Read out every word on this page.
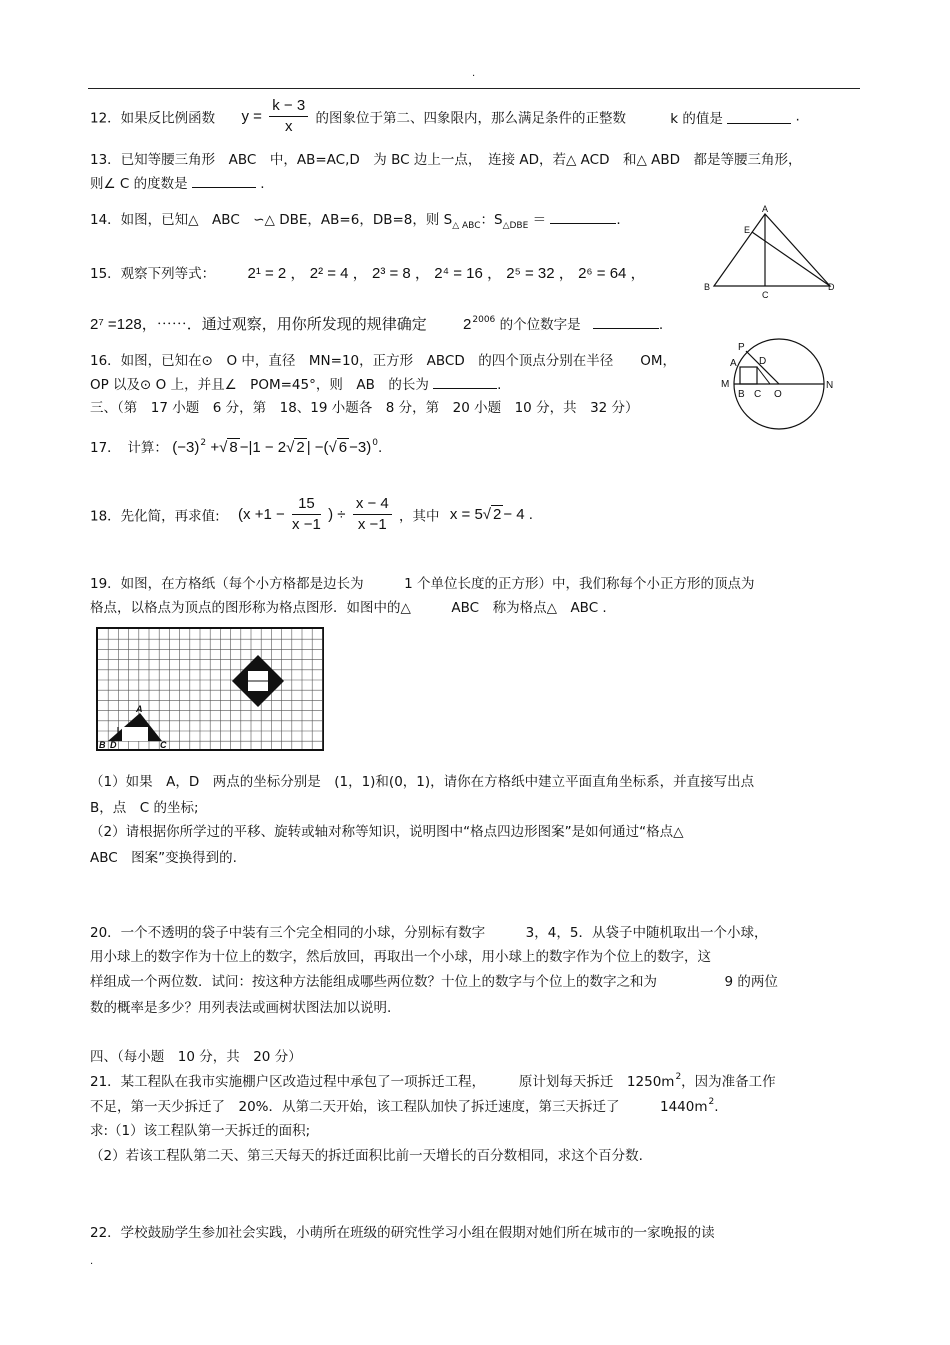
.
12．如果反比例函数 $y = \frac{k - 3}{x}$ 的图象位于第二、四象限内，那么满足条件的正整数	k 的值是	.
13．已知等腰三角形　ABC　中，AB=AC,D　为 BC 边上一点，　连接 AD，若△ ACD　和△ ABD　都是等腰三角形，
则∠ C 的度数是	.
14．如图，已知△　ABC　∽△ DBE，AB=6，DB=8，则 $S_{\triangle ABC}$：$S_{\triangle DBE}$ ＝	.
A
E
B
C
D
15．观察下列等式： 2¹ = 2 ， 2² = 4 ， 2³ = 8 ， 2⁴ = 16 ， 2⁵ = 32 ， 2⁶ = 64 ，
2⁷ =128，⋯⋯．通过观察，用你所发现的规律确定 $2^{2006}$ 的个位数字是	.
16．如图，已知在⊙　O 中，直径　MN=10，正方形　ABCD　的四个顶点分别在半径　　OM，
OP 以及⊙ O 上，并且∠　POM=45°，则　AB　的长为	.
P
A D
M	N
B C O
三、（第　17 小题　6 分，第　18、19 小题各　8 分，第　20 小题　10 分，共　32 分）
17．　计算： $(-3)^2$ +√ 8 −|1 − 2√ 2 | −(√ 6 −3)$^0$.
18．先化简，再求值: ($x +1 - \frac{15}{x -1}$ ) ÷ $\frac{x - 4}{x -1}$ ，其中 x = 5√ 2 − 4 .
19．如图，在方格纸（每个小方格都是边长为　　　1 个单位长度的正方形）中，我们称每个小正方形的顶点为
格点，以格点为顶点的图形称为格点图形．如图中的△　　　ABC　称为格点△　ABC .
A
B D	C
（1）如果　A，D　两点的坐标分别是　(1，1)和(0，1)，请你在方格纸中建立平面直角坐标系，并直接写出点
B，点　C 的坐标;
（2）请根据你所学过的平移、旋转或轴对称等知识，说明图中“格点四边形图案”是如何通过“格点△
ABC　图案”变换得到的.
20．一个不透明的袋子中装有三个完全相同的小球，分别标有数字　　　3，4，5．从袋子中随机取出一个小球，
用小球上的数字作为十位上的数字，然后放回，再取出一个小球，用小球上的数字作为个位上的数字，这
样组成一个两位数．试问：按这种方法能组成哪些两位数？十位上的数字与个位上的数字之和为　　　　　9 的两位
数的概率是多少？用列表法或画树状图法加以说明.
四、（每小题　10 分，共　20 分）
21．某工程队在我市实施棚户区改造过程中承包了一项拆迁工程，　　　原计划每天拆迁　$1250m^2$，因为准备工作
不足，第一天少拆迁了　20%．从第二天开始，该工程队加快了拆迁速度，第三天拆迁了　　　$1440m^2$.
求:（1）该工程队第一天拆迁的面积;
（2）若该工程队第二天、第三天每天的拆迁面积比前一天增长的百分数相同，求这个百分数.
22．学校鼓励学生参加社会实践，小萌所在班级的研究性学习小组在假期对她们所在城市的一家晚报的读
.
